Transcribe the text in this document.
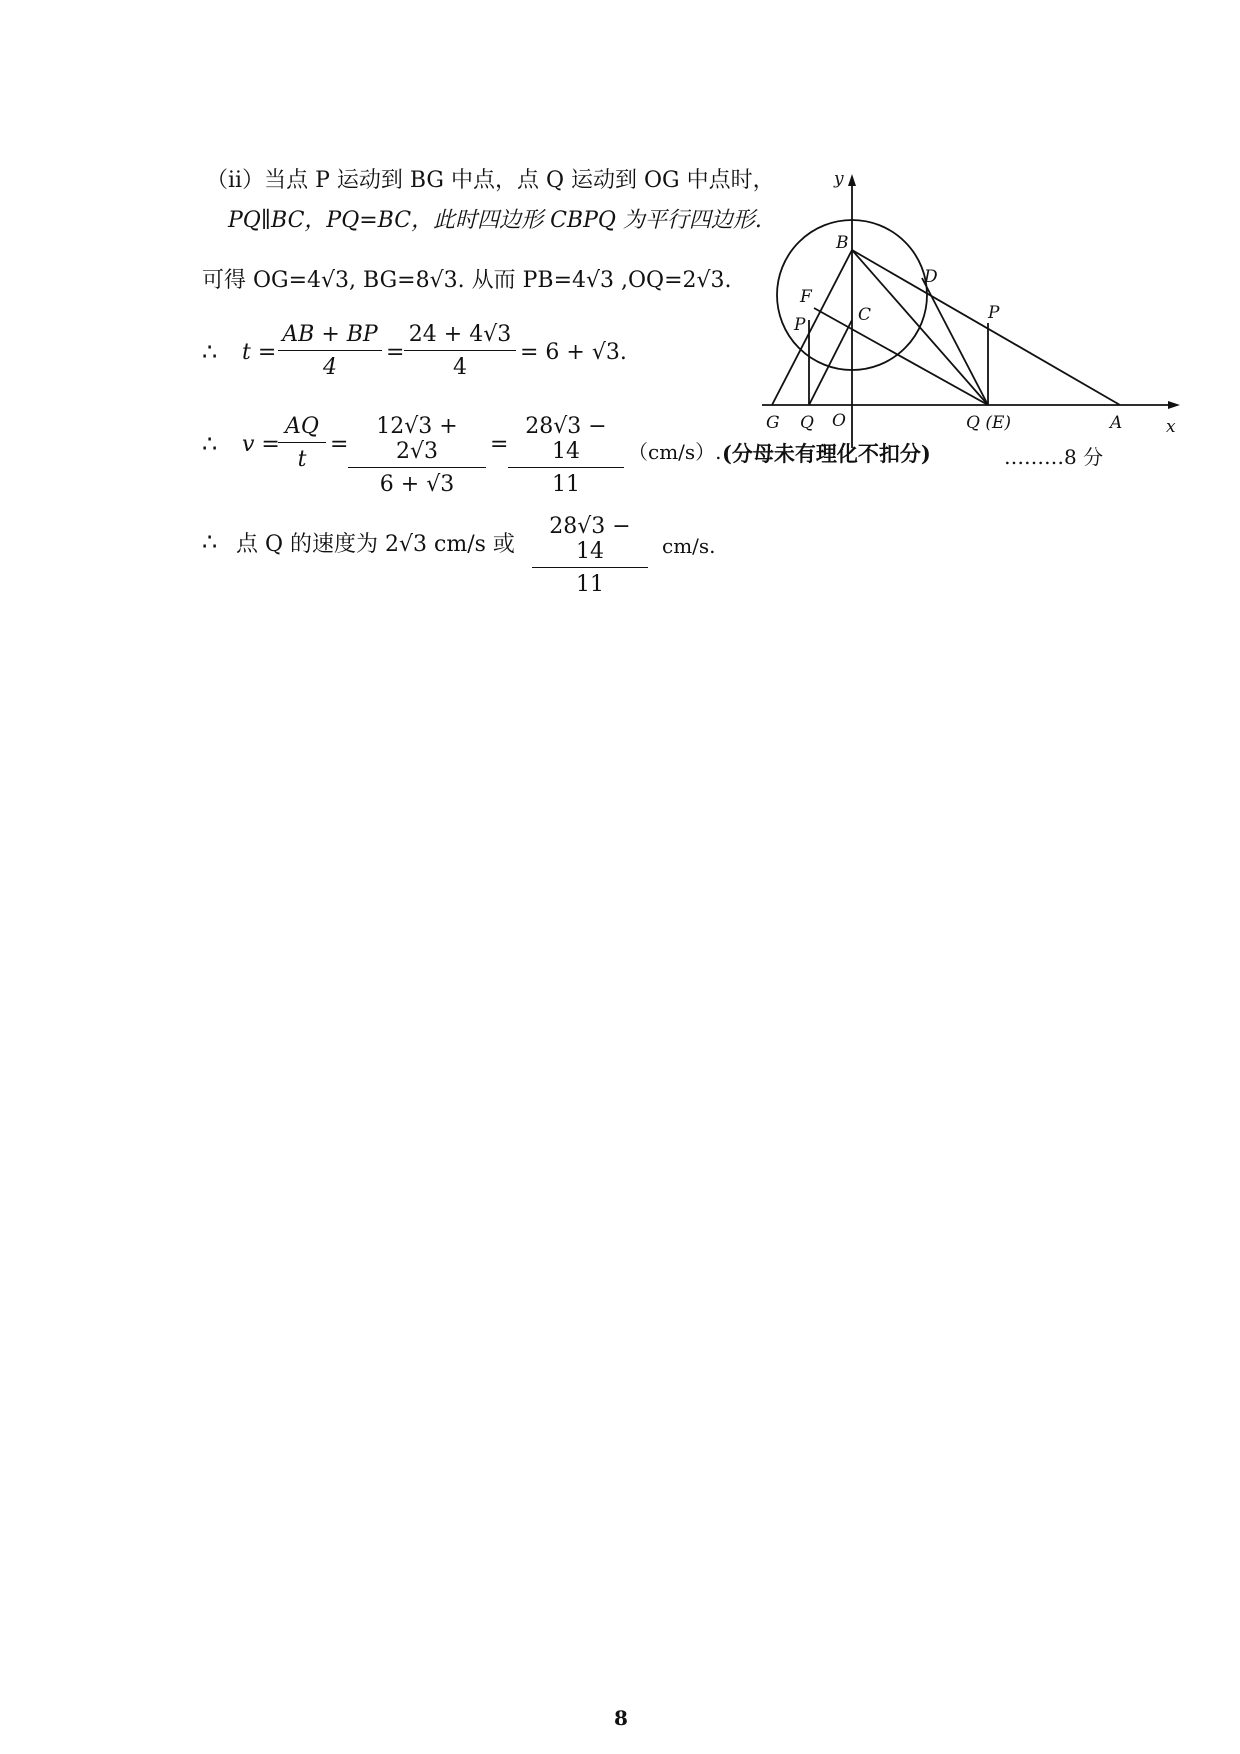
（ii）当点 P 运动到 BG 中点，点 Q 运动到 OG 中点时，
PQ∥BC，PQ=BC，此时四边形 CBPQ 为平行四边形.
可得 OG=4√3, BG=8√3. 从而 PB=4√3 ,OQ=2√3.
∴ t =
AB + BP
4
=
24 + 4√3
4
= 6 + √3.
∴ v =
AQ
t
=
12√3 + 2√3
6 + √3
=
28√3 − 14
11
（cm/s）. (分母未有理化不扣分)	………8 分
∴ 点 Q 的速度为 2√3 cm/s 或
28√3 − 14
11
cm/s.
y
x
B
D
F
P	C	P
G Q O	Q (E)	A
8
